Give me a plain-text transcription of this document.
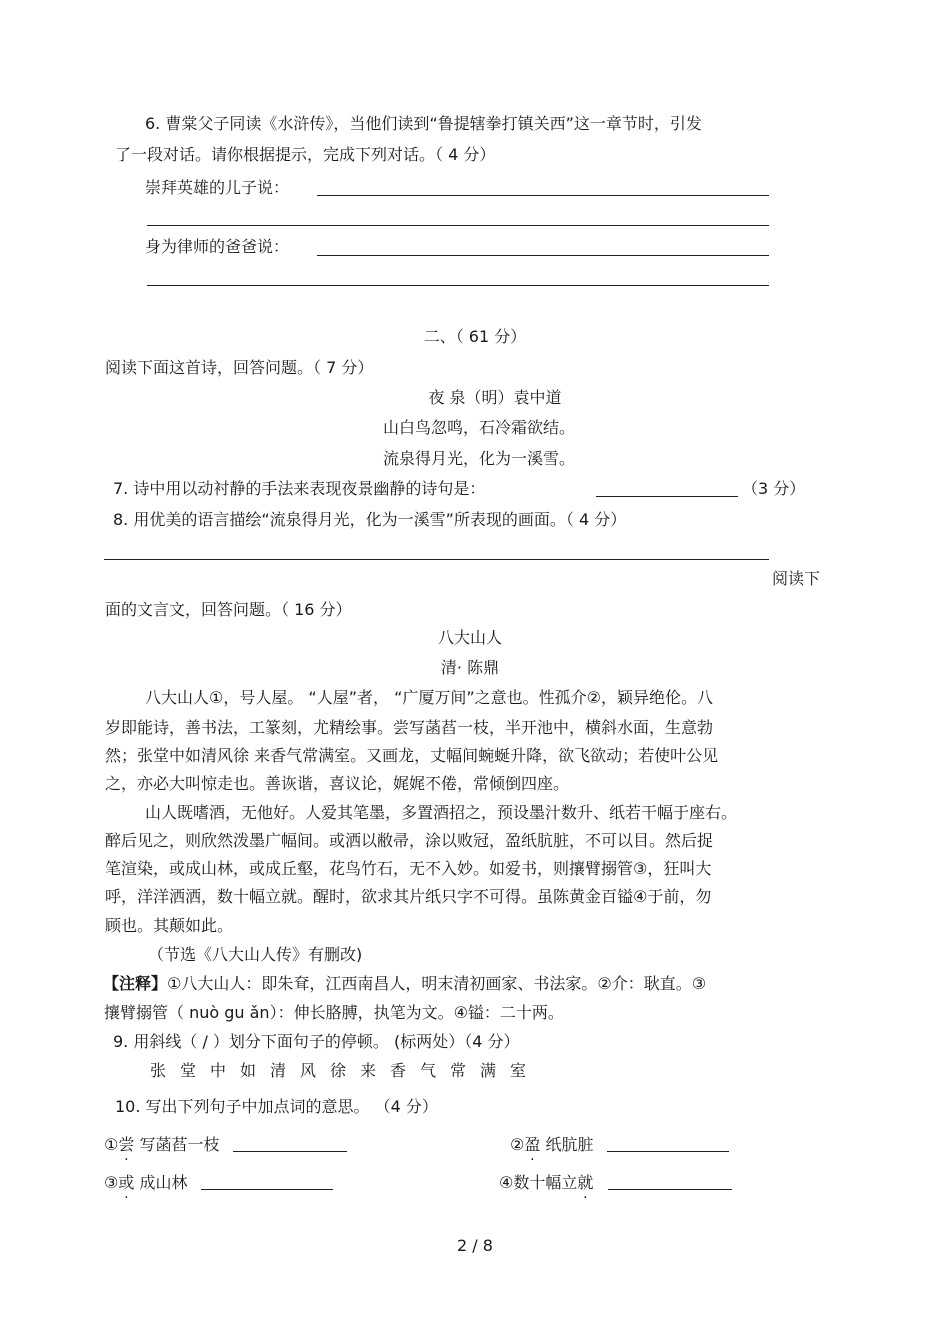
6. 曹棠父子同读《水浒传》，当他们读到“鲁提辖拳打镇关西”这一章节时，引发
了一段对话。请你根据提示，完成下列对话。（ 4 分）
崇拜英雄的儿子说：
身为律师的爸爸说：
二、（ 61 分）
阅读下面这首诗，回答问题。（ 7 分）
夜 泉（明）袁中道
山白鸟忽鸣，石冷霜欲结。
流泉得月光，化为一溪雪。
7. 诗中用以动衬静的手法来表现夜景幽静的诗句是：	（3 分）
8. 用优美的语言描绘“流泉得月光，化为一溪雪”所表现的画面。（ 4 分）
阅读下
面的文言文，回答问题。（ 16 分）
八大山人
清· 陈鼎
八大山人①，号人屋。 “人屋”者， “广厦万间”之意也。性孤介②，颖异绝伦。八
岁即能诗，善书法，工篆刻，尤精绘事。尝写菡萏一枝，半开池中，横斜水面，生意勃
然；张堂中如清风徐 来香气常满室。又画龙，丈幅间蜿蜒升降，欲飞欲动；若使叶公见
之，亦必大叫惊走也。善诙谐，喜议论，娓娓不倦，常倾倒四座。
山人既嗜酒，无他好。人爱其笔墨，多置酒招之，预设墨汁数升、纸若干幅于座右。
醉后见之，则欣然泼墨广幅间。或洒以敝帚，涂以败冠，盈纸肮脏，不可以目。然后捉
笔渲染，或成山林，或成丘壑，花鸟竹石，无不入妙。如爱书，则攘臂搦管③，狂叫大
呼，洋洋洒洒，数十幅立就。醒时，欲求其片纸只字不可得。虽陈黄金百镒④于前，勿
顾也。其颠如此。
（节选《八大山人传》有删改)
【注释】①八大山人：即朱耷，江西南昌人，明末清初画家、书法家。②介：耿直。③
攘臂搦管（ nuò gu ǎn）：伸长胳膊，执笔为文。④镒：二十两。
9. 用斜线（ / ）划分下面句子的停顿。 (标两处）（4 分）
张堂中如清风徐来香气常满室
10. 写出下列句子中加点词的意思。 （4 分）
①尝 写菡萏一枝	②盈 纸肮脏
③或 成山林	④数十幅立就
2 / 8
